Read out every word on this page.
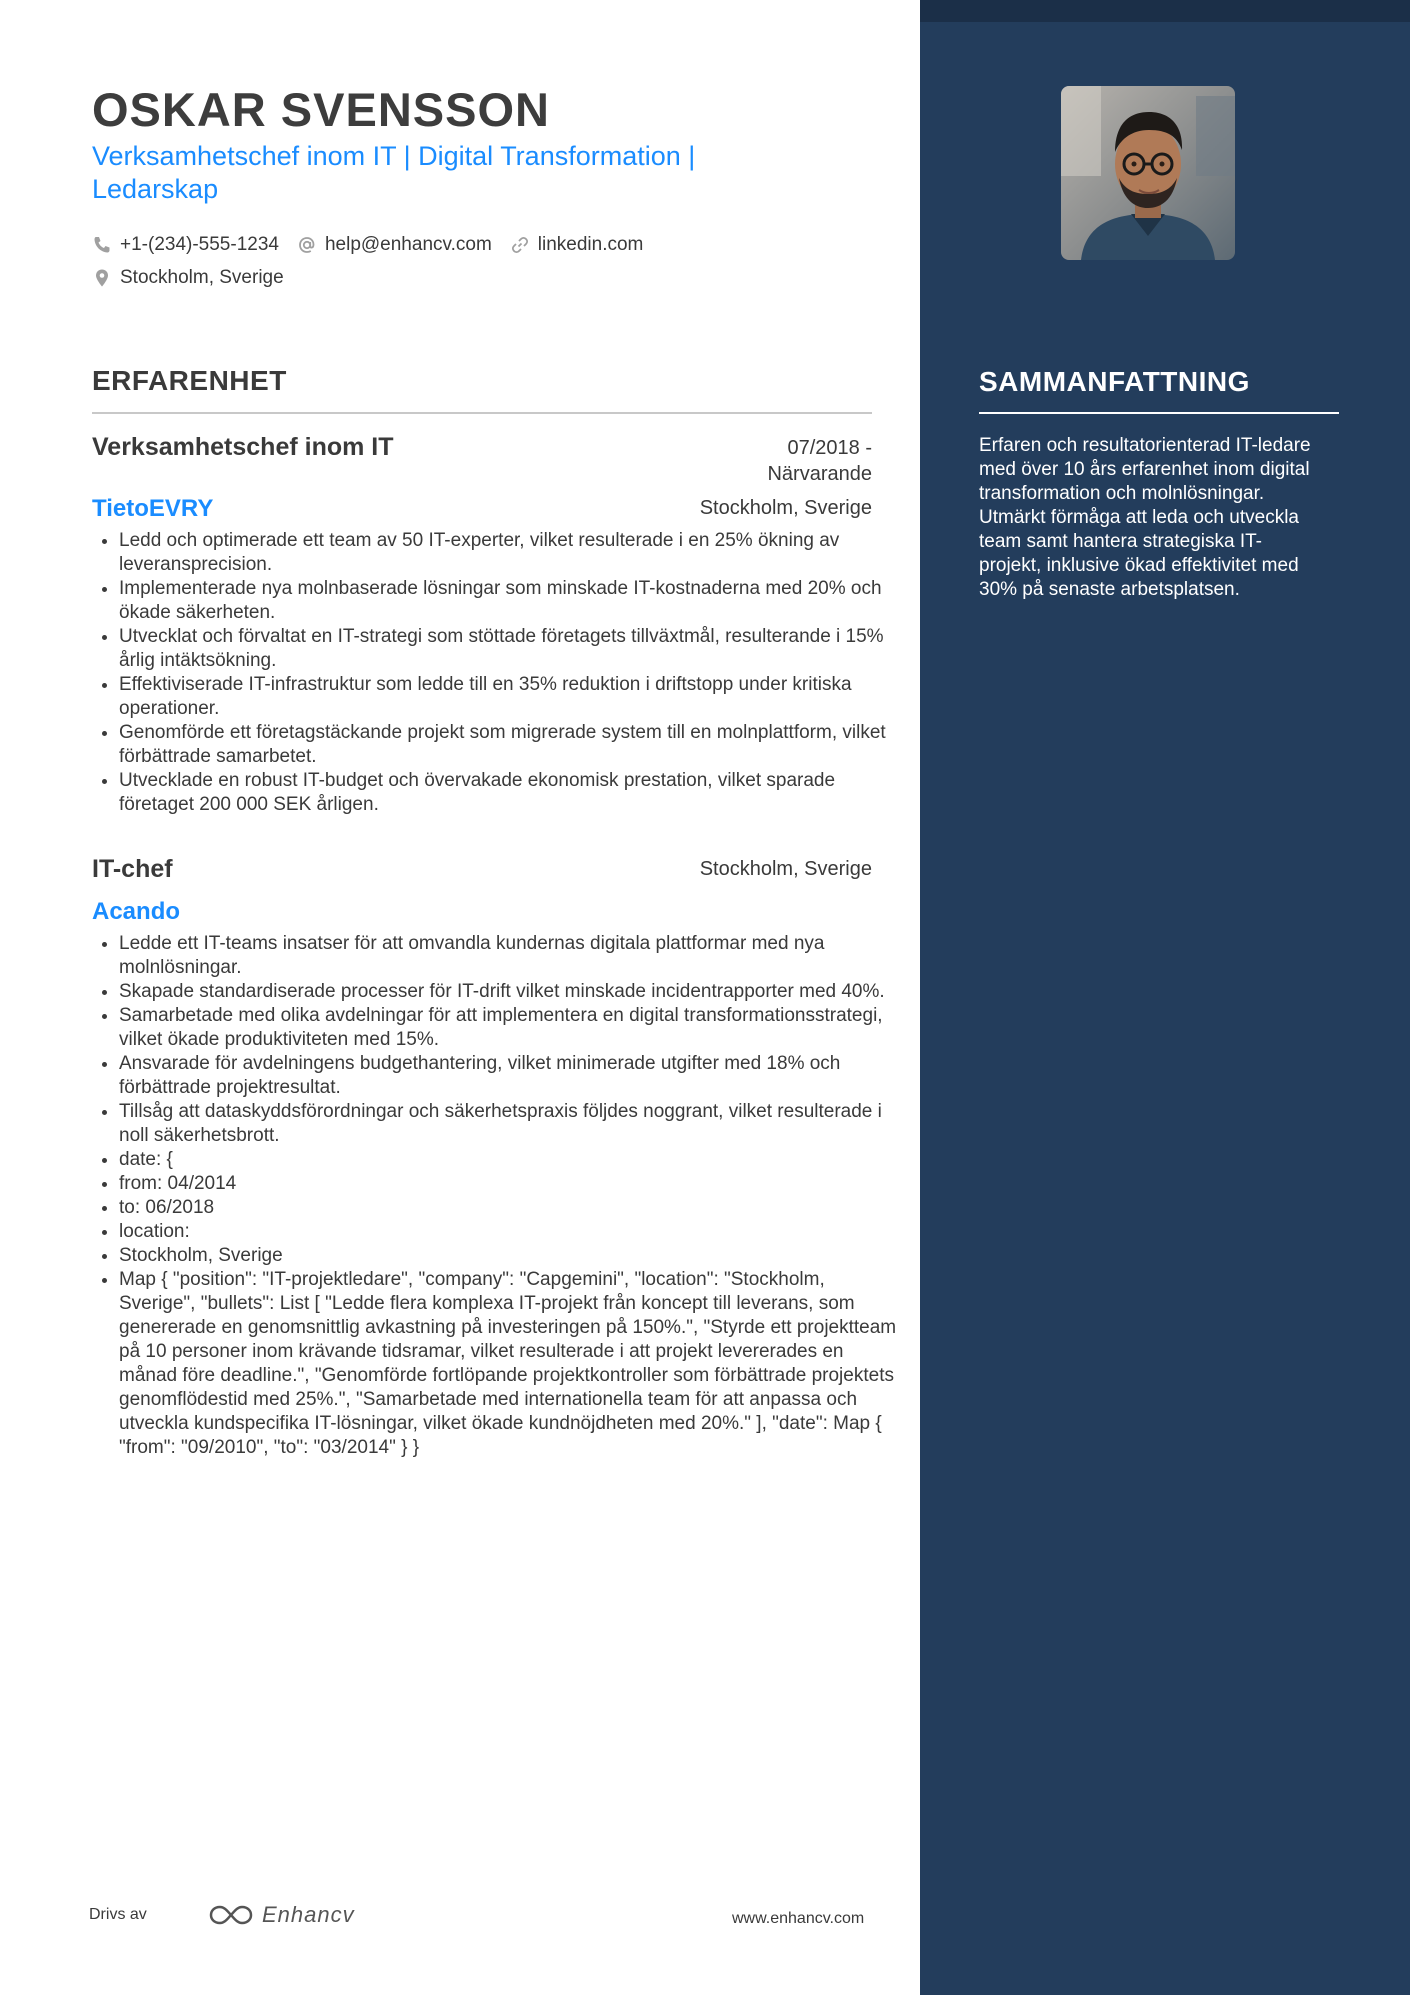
OSKAR SVENSSON

Verksamhetschef inom IT | Digital Transformation | Ledarskap

+1-(234)-555-1234 help@enhancv.com linkedin.com
Stockholm, Sverige
ERFARENHET
Verksamhetschef inom IT	07/2018 - Närvarande
TietoEVRY	Stockholm, Sverige
• Ledd och optimerade ett team av 50 IT-experter, vilket resulterade i en 25% ökning av leveransprecision.
• Implementerade nya molnbaserade lösningar som minskade IT-kostnaderna med 20% och ökade säkerheten.
• Utvecklat och förvaltat en IT-strategi som stöttade företagets tillväxtmål, resulterande i 15% årlig intäktsökning.
• Effektiviserade IT-infrastruktur som ledde till en 35% reduktion i driftstopp under kritiska operationer.
• Genomförde ett företagstäckande projekt som migrerade system till en molnplattform, vilket förbättrade samarbetet.
• Utvecklade en robust IT-budget och övervakade ekonomisk prestation, vilket sparade företaget 200 000 SEK årligen.
IT-chef	Stockholm, Sverige
Acando
• Ledde ett IT-teams insatser för att omvandla kundernas digitala plattformar med nya molnlösningar.
• Skapade standardiserade processer för IT-drift vilket minskade incidentrapporter med 40%.
• Samarbetade med olika avdelningar för att implementera en digital transformationsstrategi, vilket ökade produktiviteten med 15%.
• Ansvarade för avdelningens budgethantering, vilket minimerade utgifter med 18% och förbättrade projektresultat.
• Tillsåg att dataskyddsförordningar och säkerhetspraxis följdes noggrant, vilket resulterade i noll säkerhetsbrott.
• date: {
• from: 04/2014
• to: 06/2018
• location:
• Stockholm, Sverige
• Map { "position": "IT-projektledare", "company": "Capgemini", "location": "Stockholm, Sverige", "bullets": List [ "Ledde flera komplexa IT-projekt från koncept till leverans, som genererade en genomsnittlig avkastning på investeringen på 150%.", "Styrde ett projektteam på 10 personer inom krävande tidsramar, vilket resulterade i att projekt levererades en månad före deadline.", "Genomförde fortlöpande projektkontroller som förbättrade projektets genomflödestid med 25%.", "Samarbetade med internationella team för att anpassa och utveckla kundspecifika IT-lösningar, vilket ökade kundnöjdheten med 20%." ], "date": Map { "from": "09/2010", "to": "03/2014" } }
Drivs av	Enhancv	www.enhancv.com
SAMMANFATTNING

Erfaren och resultatorienterad IT-ledare med över 10 års erfarenhet inom digital transformation och molnlösningar. Utmärkt förmåga att leda och utveckla team samt hantera strategiska IT-projekt, inklusive ökad effektivitet med 30% på senaste arbetsplatsen.
